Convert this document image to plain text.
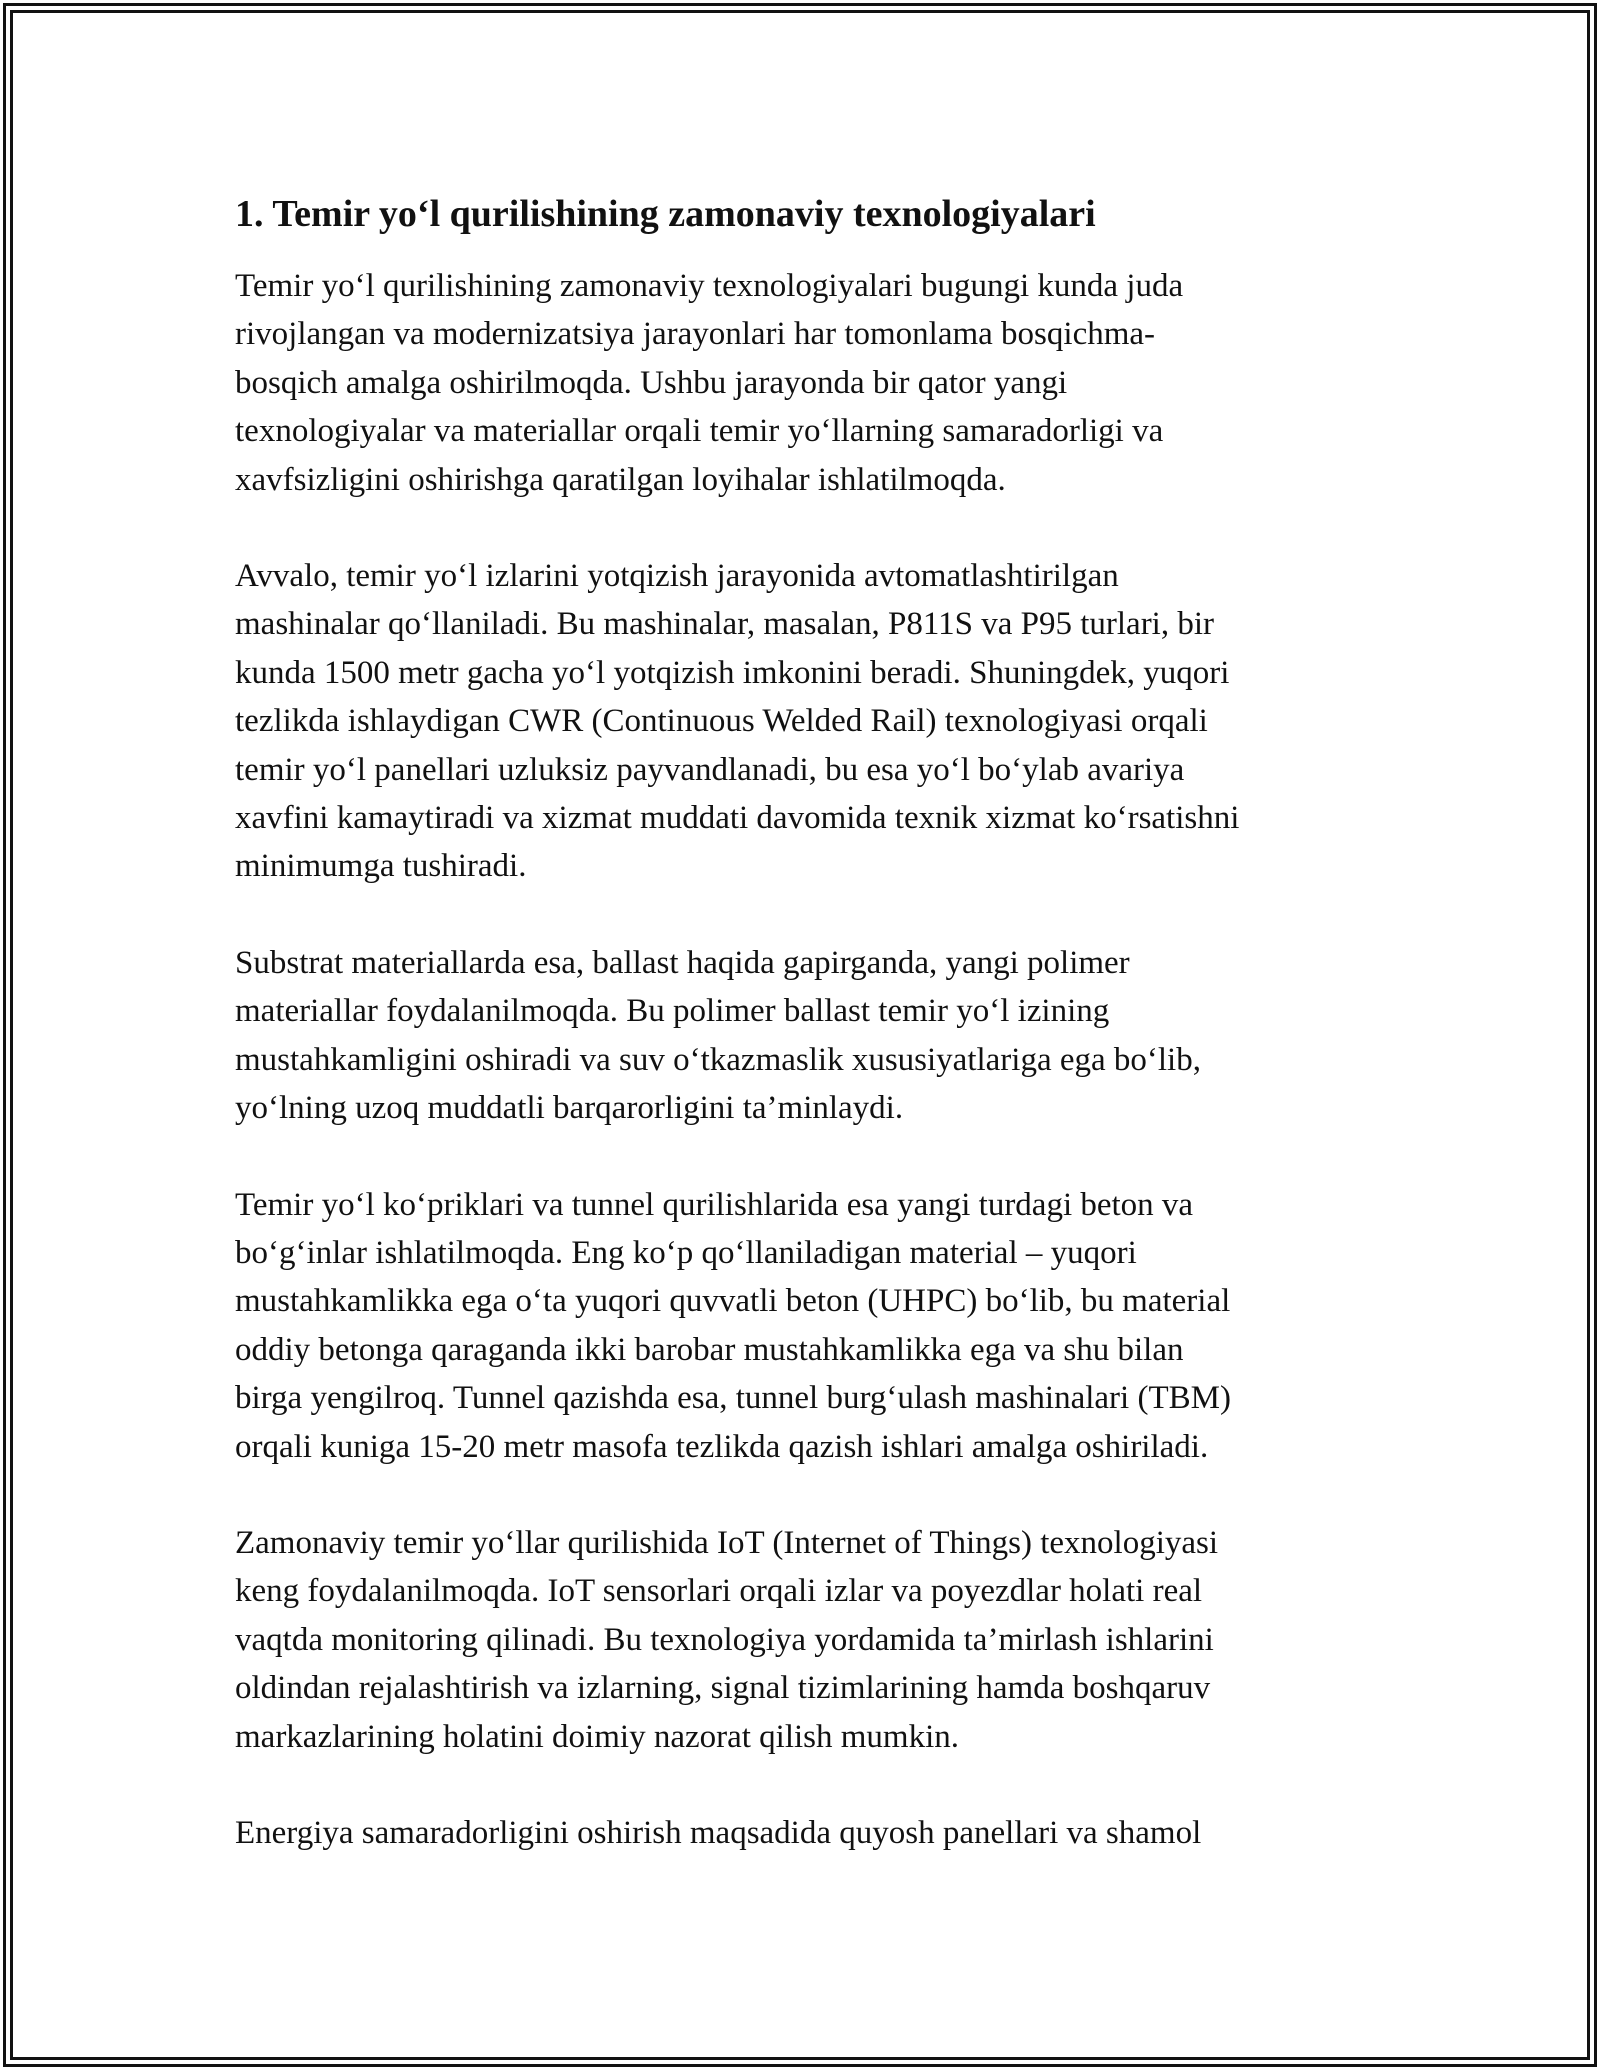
1. Temir yo‘l qurilishining zamonaviy texnologiyalari

Temir yo‘l qurilishining zamonaviy texnologiyalari bugungi kunda juda
rivojlangan va modernizatsiya jarayonlari har tomonlama bosqichma-
bosqich amalga oshirilmoqda. Ushbu jarayonda bir qator yangi
texnologiyalar va materiallar orqali temir yo‘llarning samaradorligi va
xavfsizligini oshirishga qaratilgan loyihalar ishlatilmoqda.

Avvalo, temir yo‘l izlarini yotqizish jarayonida avtomatlashtirilgan
mashinalar qo‘llaniladi. Bu mashinalar, masalan, P811S va P95 turlari, bir
kunda 1500 metr gacha yo‘l yotqizish imkonini beradi. Shuningdek, yuqori
tezlikda ishlaydigan CWR (Continuous Welded Rail) texnologiyasi orqali
temir yo‘l panellari uzluksiz payvandlanadi, bu esa yo‘l bo‘ylab avariya
xavfini kamaytiradi va xizmat muddati davomida texnik xizmat ko‘rsatishni
minimumga tushiradi.

Substrat materiallarda esa, ballast haqida gapirganda, yangi polimer
materiallar foydalanilmoqda. Bu polimer ballast temir yo‘l izining
mustahkamligini oshiradi va suv o‘tkazmaslik xususiyatlariga ega bo‘lib,
yo‘lning uzoq muddatli barqarorligini ta’minlaydi.

Temir yo‘l ko‘priklari va tunnel qurilishlarida esa yangi turdagi beton va
bo‘g‘inlar ishlatilmoqda. Eng ko‘p qo‘llaniladigan material – yuqori
mustahkamlikka ega o‘ta yuqori quvvatli beton (UHPC) bo‘lib, bu material
oddiy betonga qaraganda ikki barobar mustahkamlikka ega va shu bilan
birga yengilroq. Tunnel qazishda esa, tunnel burg‘ulash mashinalari (TBM)
orqali kuniga 15-20 metr masofa tezlikda qazish ishlari amalga oshiriladi.

Zamonaviy temir yo‘llar qurilishida IoT (Internet of Things) texnologiyasi
keng foydalanilmoqda. IoT sensorlari orqali izlar va poyezdlar holati real
vaqtda monitoring qilinadi. Bu texnologiya yordamida ta’mirlash ishlarini
oldindan rejalashtirish va izlarning, signal tizimlarining hamda boshqaruv
markazlarining holatini doimiy nazorat qilish mumkin.

Energiya samaradorligini oshirish maqsadida quyosh panellari va shamol
